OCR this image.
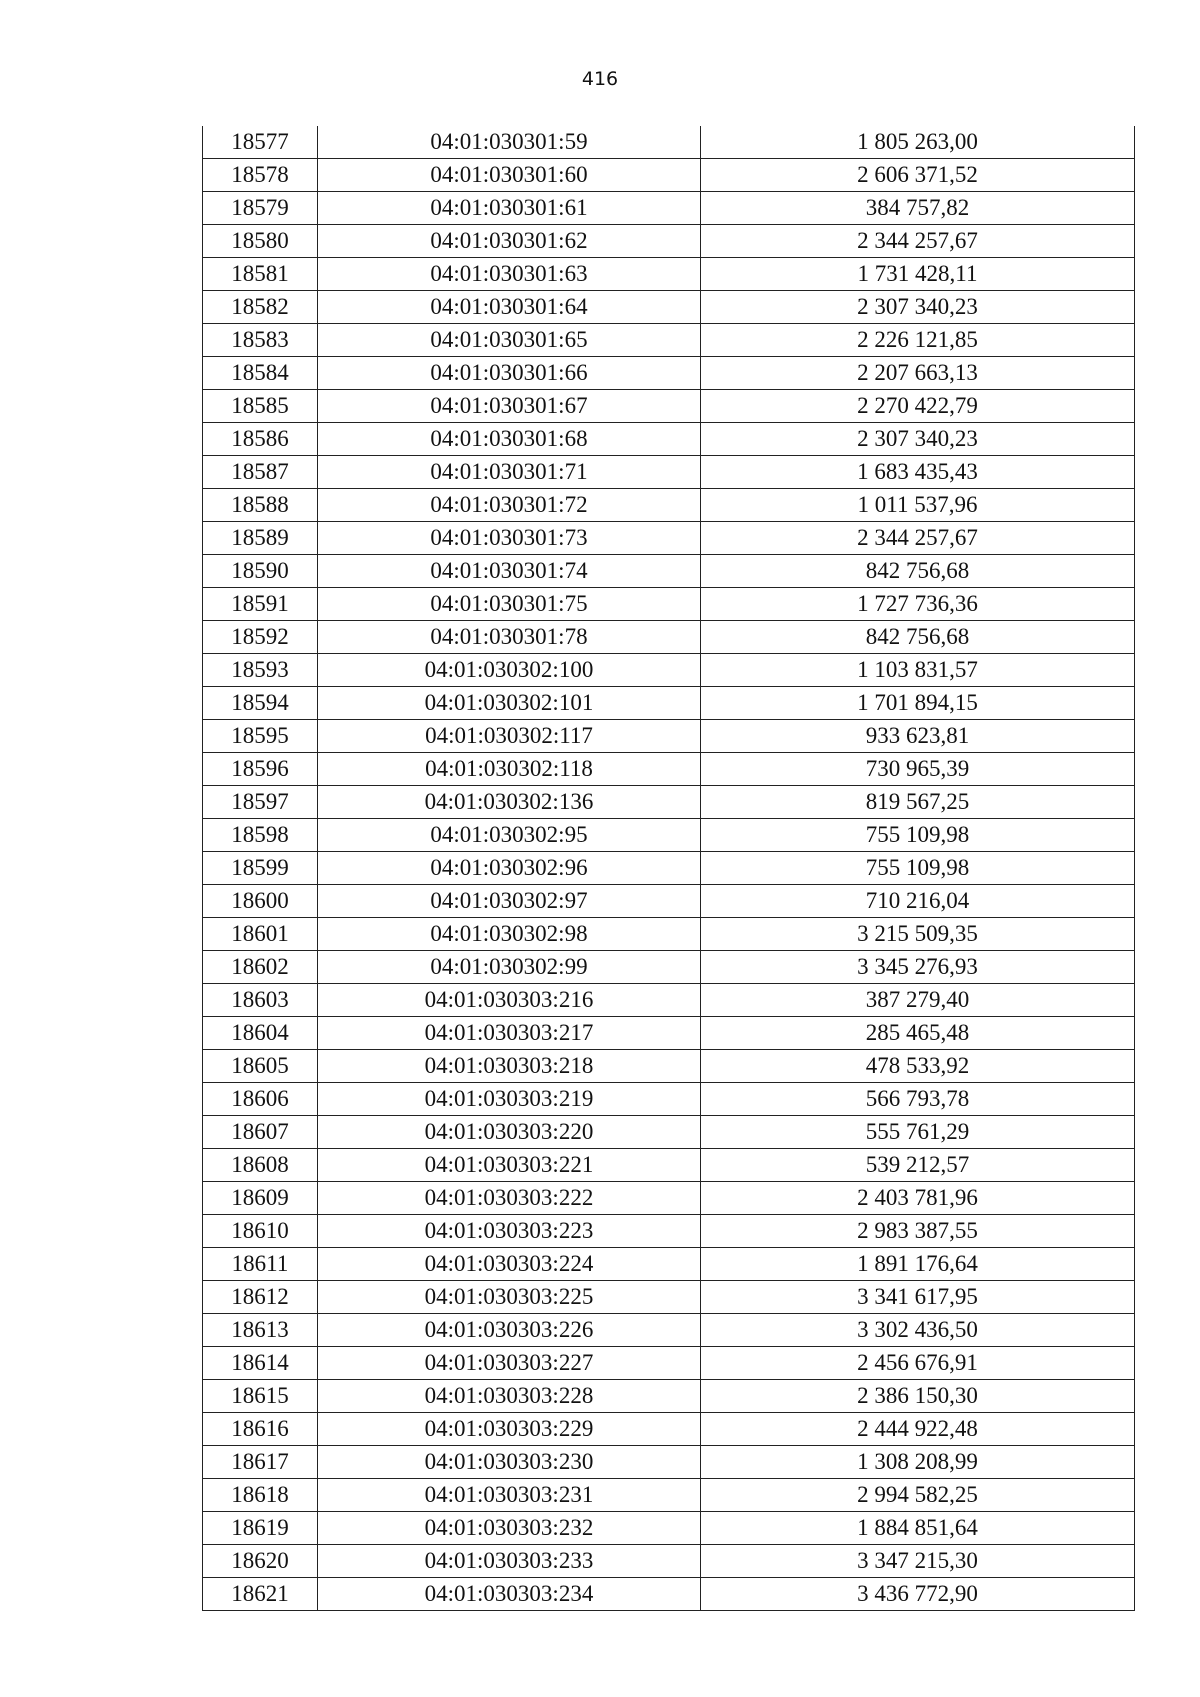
416
18577	04:01:030301:59	1 805 263,00
18578	04:01:030301:60	2 606 371,52
18579	04:01:030301:61	384 757,82
18580	04:01:030301:62	2 344 257,67
18581	04:01:030301:63	1 731 428,11
18582	04:01:030301:64	2 307 340,23
18583	04:01:030301:65	2 226 121,85
18584	04:01:030301:66	2 207 663,13
18585	04:01:030301:67	2 270 422,79
18586	04:01:030301:68	2 307 340,23
18587	04:01:030301:71	1 683 435,43
18588	04:01:030301:72	1 011 537,96
18589	04:01:030301:73	2 344 257,67
18590	04:01:030301:74	842 756,68
18591	04:01:030301:75	1 727 736,36
18592	04:01:030301:78	842 756,68
18593	04:01:030302:100	1 103 831,57
18594	04:01:030302:101	1 701 894,15
18595	04:01:030302:117	933 623,81
18596	04:01:030302:118	730 965,39
18597	04:01:030302:136	819 567,25
18598	04:01:030302:95	755 109,98
18599	04:01:030302:96	755 109,98
18600	04:01:030302:97	710 216,04
18601	04:01:030302:98	3 215 509,35
18602	04:01:030302:99	3 345 276,93
18603	04:01:030303:216	387 279,40
18604	04:01:030303:217	285 465,48
18605	04:01:030303:218	478 533,92
18606	04:01:030303:219	566 793,78
18607	04:01:030303:220	555 761,29
18608	04:01:030303:221	539 212,57
18609	04:01:030303:222	2 403 781,96
18610	04:01:030303:223	2 983 387,55
18611	04:01:030303:224	1 891 176,64
18612	04:01:030303:225	3 341 617,95
18613	04:01:030303:226	3 302 436,50
18614	04:01:030303:227	2 456 676,91
18615	04:01:030303:228	2 386 150,30
18616	04:01:030303:229	2 444 922,48
18617	04:01:030303:230	1 308 208,99
18618	04:01:030303:231	2 994 582,25
18619	04:01:030303:232	1 884 851,64
18620	04:01:030303:233	3 347 215,30
18621	04:01:030303:234	3 436 772,90
